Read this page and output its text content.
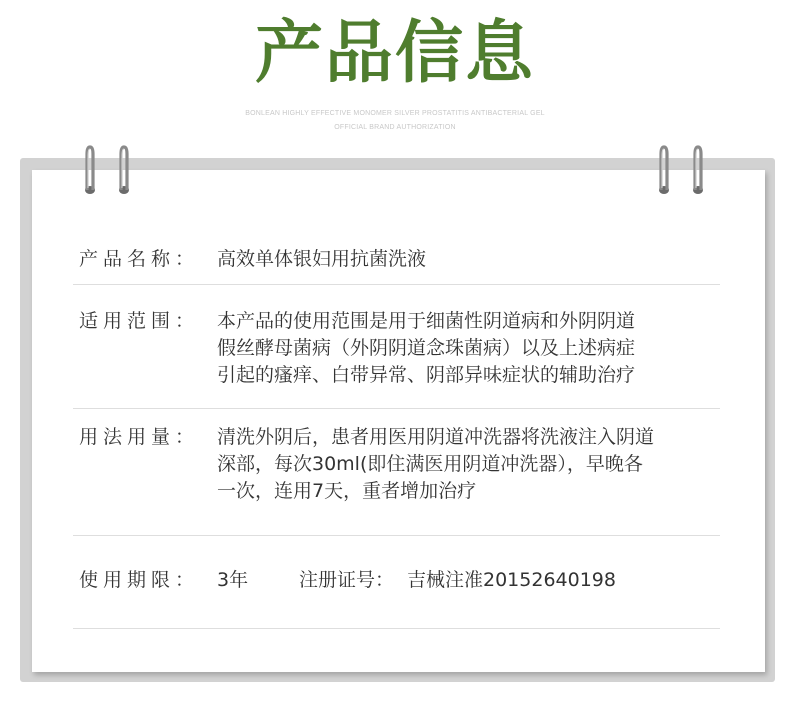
产品信息
BONLEAN HIGHLY EFFECTIVE MONOMER SILVER PROSTATITIS ANTIBACTERIAL GEL
OFFICIAL BRAND AUTHORIZATION
产品名称： 高效单体银妇用抗菌洗液
适用范围： 本产品的使用范围是用于细菌性阴道病和外阴阴道
假丝酵母菌病（外阴阴道念珠菌病）以及上述病症
引起的瘙痒、白带异常、阴部异味症状的辅助治疗
用法用量： 清洗外阴后，患者用医用阴道冲洗器将洗液注入阴道
深部，每次30ml(即住满医用阴道冲洗器），早晚各
一次，连用7天，重者增加治疗
使用期限： 3年	注册证号： 吉械注准20152640198
